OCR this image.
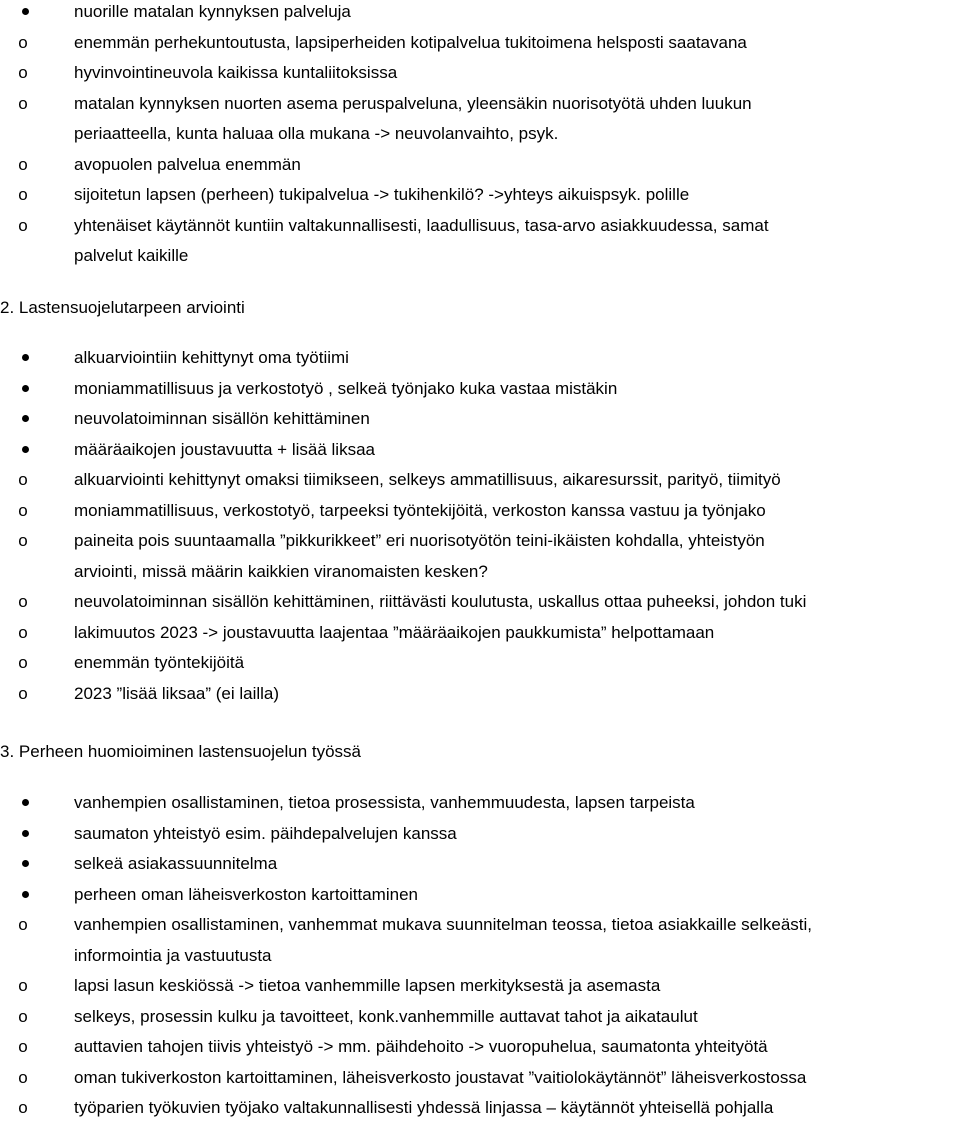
nuorille matalan kynnyksen palveluja
o	enemmän perhekuntoutusta, lapsiperheiden kotipalvelua tukitoimena helsposti saatavana
o	hyvinvointineuvola kaikissa kuntaliitoksissa
o	matalan kynnyksen nuorten asema peruspalveluna, yleensäkin nuorisotyötä uhden luukun
periaatteella, kunta haluaa olla mukana -> neuvolanvaihto, psyk.
o	avopuolen palvelua enemmän
o	sijoitetun lapsen (perheen) tukipalvelua -> tukihenkilö? ->yhteys aikuispsyk. polille
o	yhtenäiset käytännöt kuntiin valtakunnallisesti, laadullisuus, tasa-arvo asiakkuudessa, samat
palvelut kaikille
2. Lastensuojelutarpeen arviointi
alkuarviointiin kehittynyt oma työtiimi
moniammatillisuus ja verkostotyö , selkeä työnjako kuka vastaa mistäkin
neuvolatoiminnan sisällön kehittäminen
määräaikojen joustavuutta + lisää liksaa
o	alkuarviointi kehittynyt omaksi tiimikseen, selkeys ammatillisuus, aikaresurssit, parityö, tiimityö
o	moniammatillisuus, verkostotyö, tarpeeksi työntekijöitä, verkoston kanssa vastuu ja työnjako
o	paineita pois suuntaamalla ”pikkurikkeet” eri nuorisotyötön teini-ikäisten kohdalla, yhteistyön
arviointi, missä määrin kaikkien viranomaisten kesken?
o	neuvolatoiminnan sisällön kehittäminen, riittävästi koulutusta, uskallus ottaa puheeksi, johdon tuki
o	lakimuutos 2023 -> joustavuutta laajentaa ”määräaikojen paukkumista” helpottamaan
o	enemmän työntekijöitä
o	2023 ”lisää liksaa” (ei lailla)
3. Perheen huomioiminen lastensuojelun työssä
vanhempien osallistaminen, tietoa prosessista, vanhemmuudesta, lapsen tarpeista
saumaton yhteistyö esim. päihdepalvelujen kanssa
selkeä asiakassuunnitelma
perheen oman läheisverkoston kartoittaminen
o	vanhempien osallistaminen, vanhemmat mukava suunnitelman teossa, tietoa asiakkaille selkeästi,
informointia ja vastuutusta
o	lapsi lasun keskiössä -> tietoa vanhemmille lapsen merkityksestä ja asemasta
o	selkeys, prosessin kulku ja tavoitteet, konk.vanhemmille auttavat tahot ja aikataulut
o	auttavien tahojen tiivis yhteistyö -> mm. päihdehoito -> vuoropuhelua, saumatonta yhteityötä
o	oman tukiverkoston kartoittaminen, läheisverkosto joustavat ”vaitiolokäytännöt” läheisverkostossa
o	työparien työkuvien työjako valtakunnallisesti yhdessä linjassa – käytännöt yhteisellä pohjalla
